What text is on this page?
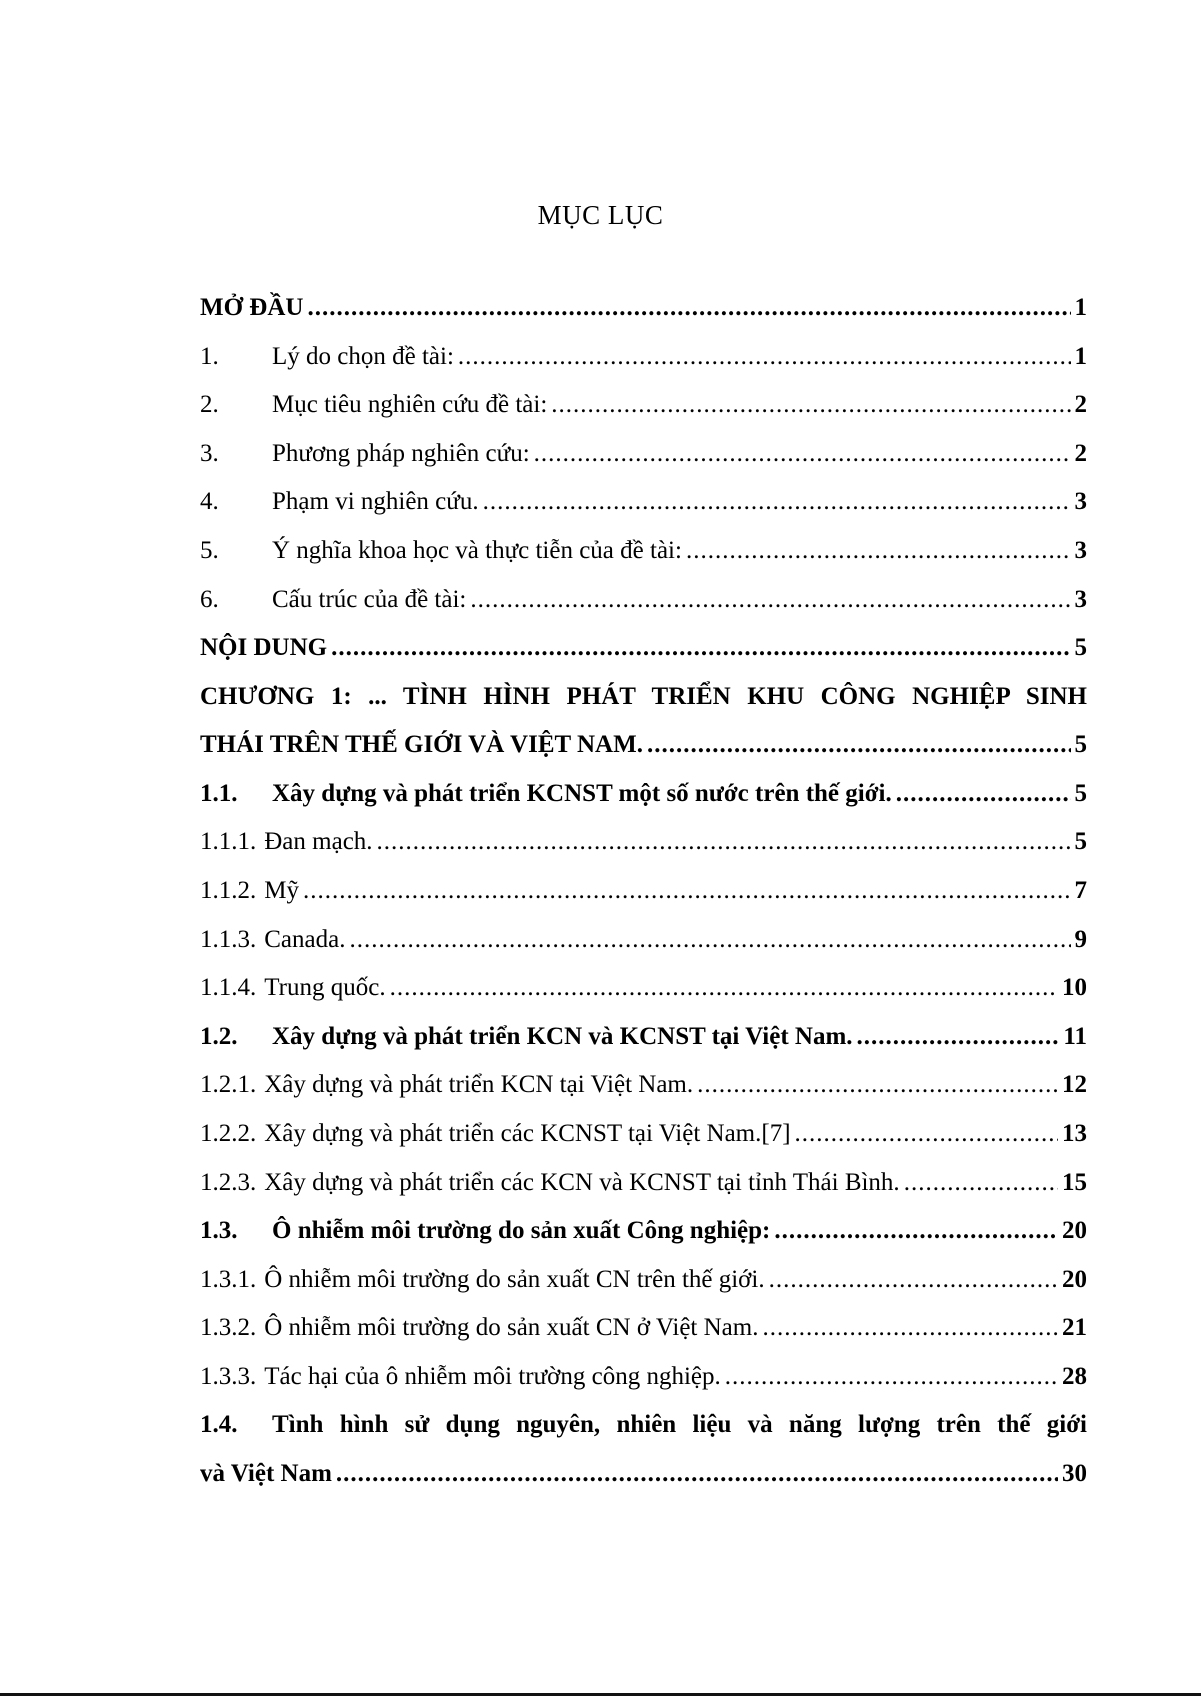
MỤC LỤC
MỞ ĐẦU .....	1
1.	Lý do chọn đề tài: .....	1
2.	Mục tiêu nghiên cứu đề tài: .....	2
3.	Phương pháp nghiên cứu: .....	2
4.	Phạm vi nghiên cứu. .....	3
5.	Ý nghĩa khoa học và thực tiễn của đề tài: .....	3
6.	Cấu trúc của đề tài: .....	3
NỘI DUNG .....	5
CHƯƠNG 1: ... TÌNH HÌNH PHÁT TRIỂN KHU CÔNG NGHIỆP SINH
THÁI TRÊN THẾ GIỚI VÀ VIỆT NAM. .....	5
1.1.	Xây dựng và phát triển KCNST một số nước trên thế giới. .....	5
1.1.1. Đan mạch. .....	5
1.1.2. Mỹ .....	7
1.1.3. Canada. .....	9
1.1.4. Trung quốc. .....	10
1.2.	Xây dựng và phát triển KCN và KCNST tại Việt Nam. .....	11
1.2.1. Xây dựng và phát triển KCN tại Việt Nam. .....	12
1.2.2. Xây dựng và phát triển các KCNST tại Việt Nam.[7] .....	13
1.2.3. Xây dựng và phát triển các KCN và KCNST tại tỉnh Thái Bình. .....	15
1.3.	Ô nhiễm môi trường do sản xuất Công nghiệp: .....	20
1.3.1. Ô nhiễm môi trường do sản xuất CN trên thế giới. .....	20
1.3.2. Ô nhiễm môi trường do sản xuất CN ở Việt Nam. .....	21
1.3.3. Tác hại của ô nhiễm môi trường công nghiệp. .....	28
1.4.	Tình hình sử dụng nguyên, nhiên liệu và năng lượng trên thế giới
và Việt Nam .....	30
